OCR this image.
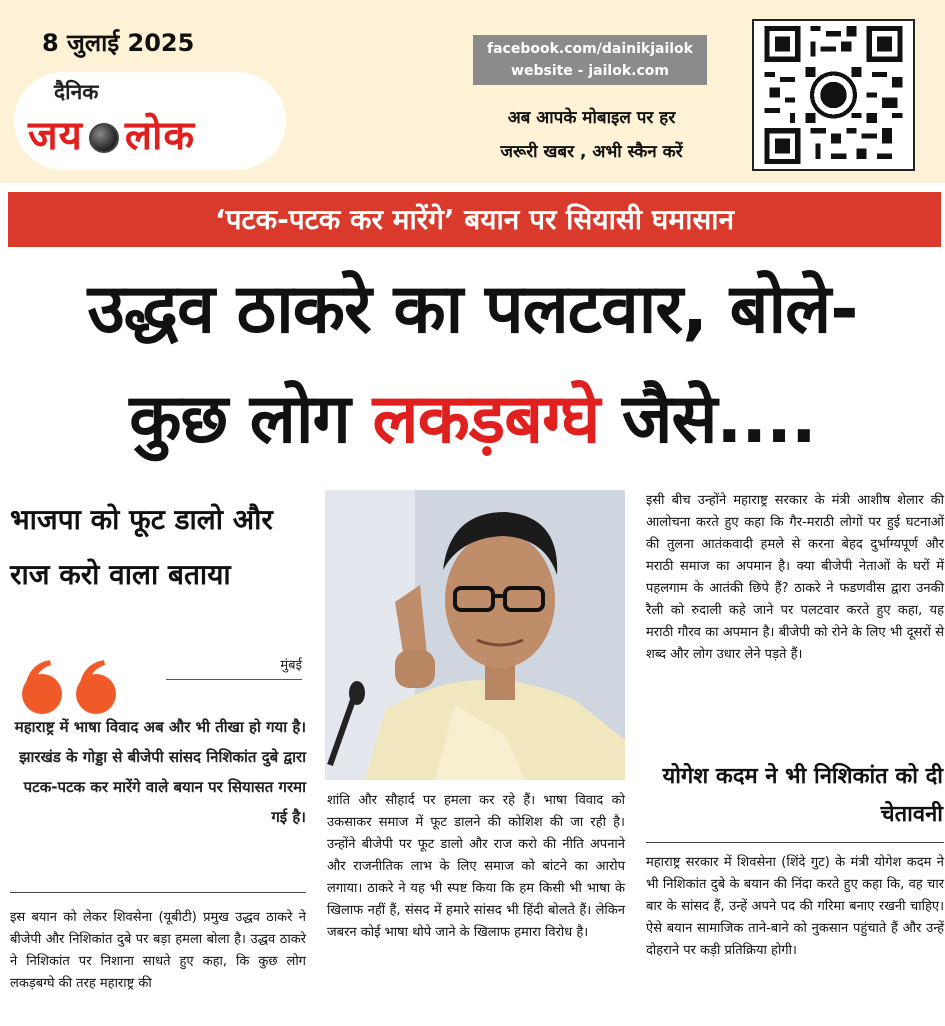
8 जुलाई 2025
दैनिक
जय लोक
facebook.com/dainikjailok
website - jailok.com
अब आपके मोबाइल पर हर
जरूरी खबर , अभी स्कैन करें
‘पटक-पटक कर मारेंगे’ बयान पर सियासी घमासान
उद्धव ठाकरे का पलटवार, बोले-
कुछ लोग लकड़बग्घे जैसे....
भाजपा को फूट डालो और राज करो वाला बताया
मुंबई
महाराष्ट्र में भाषा विवाद अब और भी तीखा हो गया है। झारखंड के गोड्डा से बीजेपी सांसद निशिकांत दुबे द्वारा पटक-पटक कर मारेंगे वाले बयान पर सियासत गरमा गई है।
इस बयान को लेकर शिवसेना (यूबीटी) प्रमुख उद्धव ठाकरे ने बीजेपी और निशिकांत दुबे पर बड़ा हमला बोला है। उद्धव ठाकरे ने निशिकांत पर निशाना साधते हुए कहा, कि कुछ लोग लकड़बग्घे की तरह महाराष्ट्र की
शांति और सौहार्द पर हमला कर रहे हैं। भाषा विवाद को उकसाकर समाज में फूट डालने की कोशिश की जा रही है। उन्होंने बीजेपी पर फूट डालो और राज करो की नीति अपनाने और राजनीतिक लाभ के लिए समाज को बांटने का आरोप लगाया। ठाकरे ने यह भी स्पष्ट किया कि हम किसी भी भाषा के खिलाफ नहीं हैं, संसद में हमारे सांसद भी हिंदी बोलते हैं। लेकिन जबरन कोई भाषा थोपे जाने के खिलाफ हमारा विरोध है।
इसी बीच उन्होंने महाराष्ट्र सरकार के मंत्री आशीष शेलार की आलोचना करते हुए कहा कि गैर-मराठी लोगों पर हुई घटनाओं की तुलना आतंकवादी हमले से करना बेहद दुर्भाग्यपूर्ण और मराठी समाज का अपमान है। क्या बीजेपी नेताओं के घरों में पहलगाम के आतंकी छिपे हैं? ठाकरे ने फडणवीस द्वारा उनकी रैली को रुदाली कहे जाने पर पलटवार करते हुए कहा, यह मराठी गौरव का अपमान है। बीजेपी को रोने के लिए भी दूसरों से शब्द और लोग उधार लेने पड़ते हैं।
योगेश कदम ने भी निशिकांत को दी चेतावनी
महाराष्ट्र सरकार में शिवसेना (शिंदे गुट) के मंत्री योगेश कदम ने भी निशिकांत दुबे के बयान की निंदा करते हुए कहा कि, वह चार बार के सांसद हैं, उन्हें अपने पद की गरिमा बनाए रखनी चाहिए। ऐसे बयान सामाजिक ताने-बाने को नुकसान पहुंचाते हैं और उन्हें दोहराने पर कड़ी प्रतिक्रिया होगी।
